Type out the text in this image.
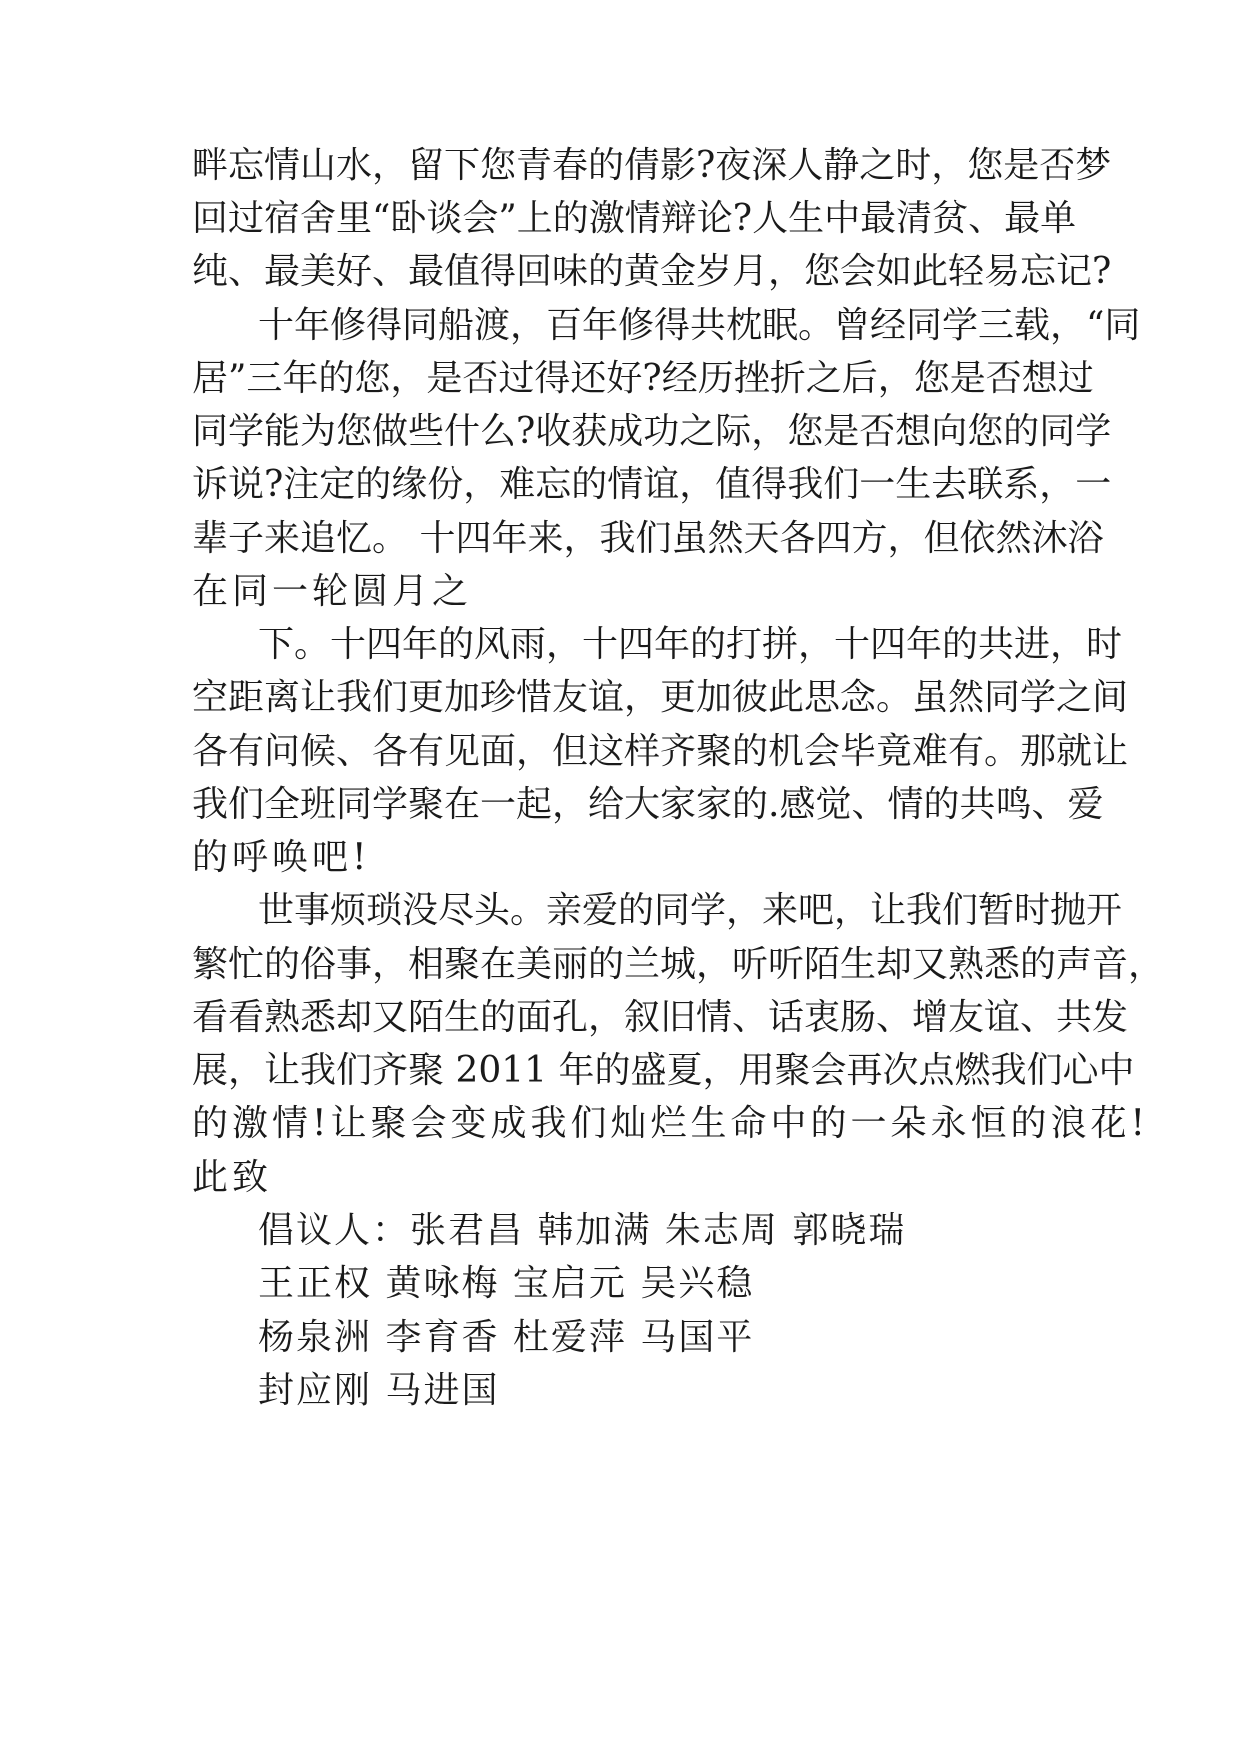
畔忘情山水，留下您青春的倩影?夜深人静之时，您是否梦
回过宿舍里“卧谈会”上的激情辩论?人生中最清贫、最单
纯、最美好、最值得回味的黄金岁月，您会如此轻易忘记?
十年修得同船渡，百年修得共枕眠。曾经同学三载，“同
居”三年的您，是否过得还好?经历挫折之后，您是否想过
同学能为您做些什么?收获成功之际，您是否想向您的同学
诉说?注定的缘份，难忘的情谊，值得我们一生去联系，一
辈子来追忆。 十四年来，我们虽然天各四方，但依然沐浴
在同一轮圆月之
下。十四年的风雨，十四年的打拼，十四年的共进，时
空距离让我们更加珍惜友谊，更加彼此思念。虽然同学之间
各有问候、各有见面，但这样齐聚的机会毕竟难有。那就让
我们全班同学聚在一起，给大家家的.感觉、情的共鸣、爱
的呼唤吧!
世事烦琐没尽头。亲爱的同学，来吧，让我们暂时抛开
繁忙的俗事，相聚在美丽的兰城，听听陌生却又熟悉的声音，
看看熟悉却又陌生的面孔，叙旧情、话衷肠、增友谊、共发
展，让我们齐聚 2011 年的盛夏，用聚会再次点燃我们心中
的激情!让聚会变成我们灿烂生命中的一朵永恒的浪花!
此致
倡议人：张君昌 韩加满 朱志周 郭晓瑞
王正权 黄咏梅 宝启元 吴兴稳
杨泉洲 李育香 杜爱萍 马国平
封应刚 马进国
